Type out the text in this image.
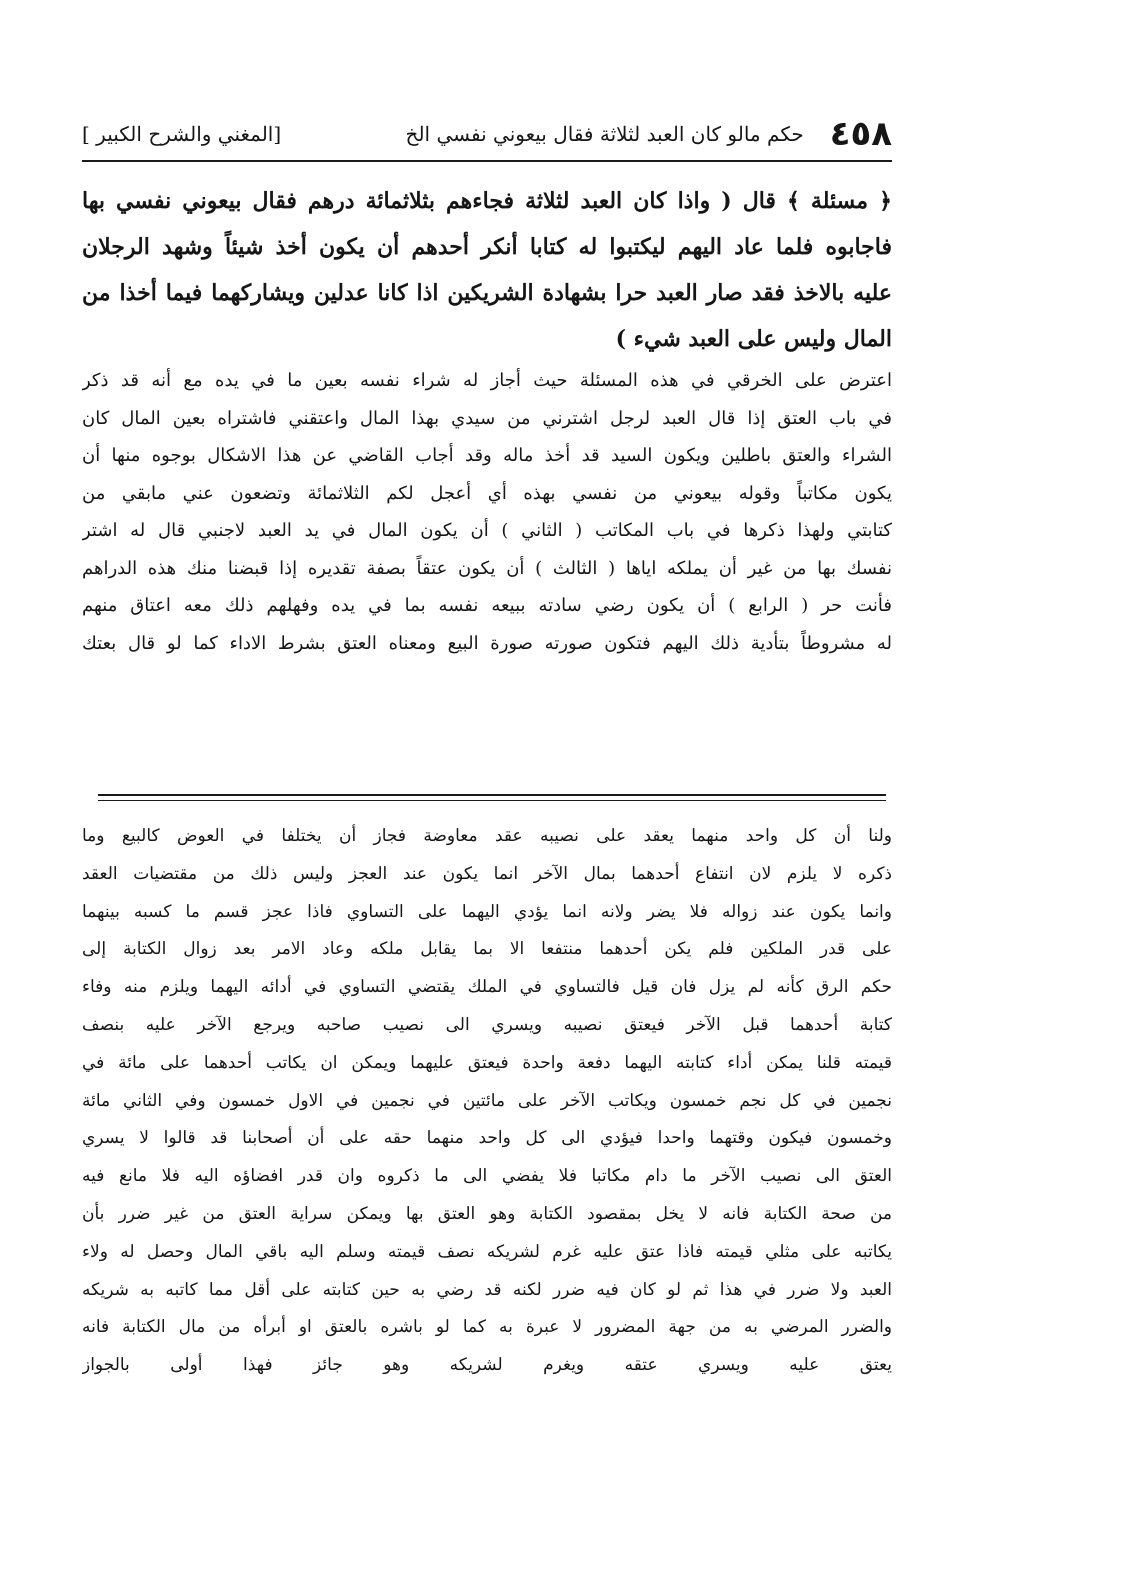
٤٥٨
حكم مالو كان العبد لثلاثة فقال بيعوني نفسي الخ
[المغني والشرح الكبير ]
﴿ مسئلة ﴾ قال ( واذا كان العبد لثلاثة فجاءهم بثلاثمائة درهم فقال بيعوني نفسي بها
فاجابوه فلما عاد اليهم ليكتبوا له كتابا أنكر أحدهم أن يكون أخذ شيئاً وشهد الرجلان
عليه بالاخذ فقد صار العبد حرا بشهادة الشريكين اذا كانا عدلين ويشاركهما فيما أخذا من
المال وليس على العبد شيء )
اعترض على الخرقي في هذه المسئلة حيث أجاز له شراء نفسه بعين ما في يده مع أنه قد ذكر
في باب العتق إذا قال العبد لرجل اشترني من سيدي بهذا المال واعتقني فاشتراه بعين المال كان
الشراء والعتق باطلين ويكون السيد قد أخذ ماله وقد أجاب القاضي عن هذا الاشكال بوجوه منها أن
يكون مكاتباً وقوله بيعوني من نفسي بهذه أي أعجل لكم الثلاثمائة وتضعون عني مابقي من
كتابتي ولهذا ذكرها في باب المكاتب ( الثاني ) أن يكون المال في يد العبد لاجنبي قال له اشتر
نفسك بها من غير أن يملكه اياها ( الثالث ) أن يكون عتقاً بصفة تقديره إذا قبضنا منك هذه الدراهم
فأنت حر ( الرابع ) أن يكون رضي سادته ببيعه نفسه بما في يده وفهلهم ذلك معه اعتاق منهم
له مشروطاً بتأدية ذلك اليهم فتكون صورته صورة البيع ومعناه العتق بشرط الاداء كما لو قال بعتك
ولنا أن كل واحد منهما يعقد على نصيبه عقد معاوضة فجاز أن يختلفا في العوض كالبيع وما
ذكره لا يلزم لان انتفاع أحدهما بمال الآخر انما يكون عند العجز وليس ذلك من مقتضيات العقد
وانما يكون عند زواله فلا يضر ولانه انما يؤدي اليهما على التساوي فاذا عجز قسم ما كسبه بينهما
على قدر الملكين فلم يكن أحدهما منتفعا الا بما يقابل ملكه وعاد الامر بعد زوال الكتابة إلى
حكم الرق كأنه لم يزل فان قيل فالتساوي في الملك يقتضي التساوي في أدائه اليهما ويلزم منه وفاء
كتابة أحدهما قبل الآخر فيعتق نصيبه ويسري الى نصيب صاحبه ويرجع الآخر عليه بنصف
قيمته قلنا يمكن أداء كتابته اليهما دفعة واحدة فيعتق عليهما ويمكن ان يكاتب أحدهما على مائة في
نجمين في كل نجم خمسون ويكاتب الآخر على مائتين في نجمين في الاول خمسون وفي الثاني مائة
وخمسون فيكون وقتهما واحدا فيؤدي الى كل واحد منهما حقه على أن أصحابنا قد قالوا لا يسري
العتق الى نصيب الآخر ما دام مكاتبا فلا يفضي الى ما ذكروه وان قدر افضاؤه اليه فلا مانع فيه
من صحة الكتابة فانه لا يخل بمقصود الكتابة وهو العتق بها ويمكن سراية العتق من غير ضرر بأن
يكاتبه على مثلي قيمته فاذا عتق عليه غرم لشريكه نصف قيمته وسلم اليه باقي المال وحصل له ولاء
العبد ولا ضرر في هذا ثم لو كان فيه ضرر لكنه قد رضي به حين كتابته على أقل مما كاتبه به شريكه
والضرر المرضي به من جهة المضرور لا عبرة به كما لو باشره بالعتق او أبرأه من مال الكتابة فانه
يعتق عليه ويسري عتقه ويغرم لشريكه وهو جائز فهذا أولى بالجواز
